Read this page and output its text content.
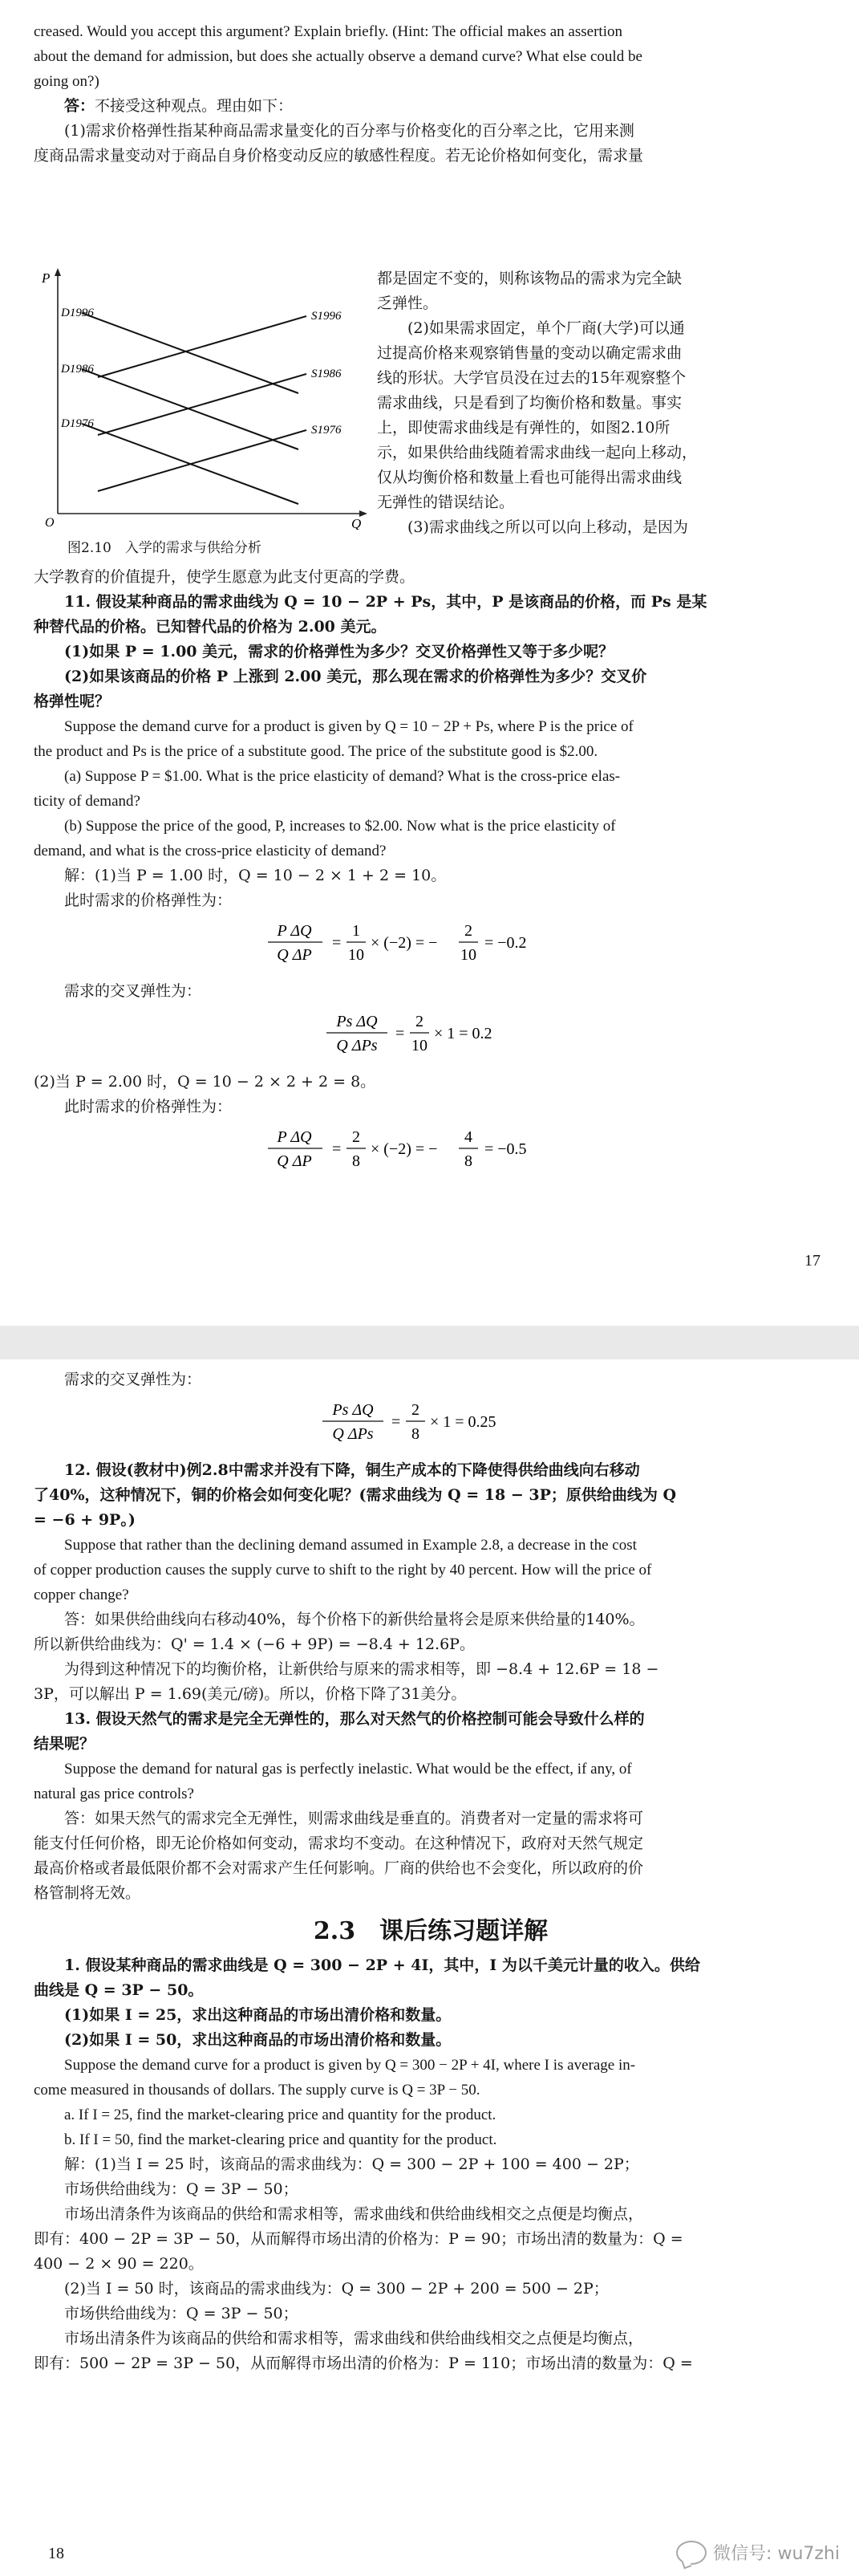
creased. Would you accept this argument? Explain briefly. (Hint: The official makes an assertion

about the demand for admission, but does she actually observe a demand curve? What else could be

going on?)

答：不接受这种观点。理由如下：

(1)需求价格弹性指某种商品需求量变化的百分率与价格变化的百分率之比，它用来测

度商品需求量变动对于商品自身价格变动反应的敏感性程度。若无论价格如何变化，需求量

P
Q
O
D1996
D1986
D1976
S1996
S1986
S1976
图2.10　入学的需求与供给分析

都是固定不变的，则称该物品的需求为完全缺

乏弹性。

(2)如果需求固定，单个厂商(大学)可以通

过提高价格来观察销售量的变动以确定需求曲

线的形状。大学官员没在过去的15年观察整个

需求曲线，只是看到了均衡价格和数量。事实

上，即使需求曲线是有弹性的，如图2.10所

示，如果供给曲线随着需求曲线一起向上移动，

仅从均衡价格和数量上看也可能得出需求曲线

无弹性的错误结论。

(3)需求曲线之所以可以向上移动，是因为

大学教育的价值提升，使学生愿意为此支付更高的学费。

11. 假设某种商品的需求曲线为 Q = 10 − 2P + Ps，其中，P 是该商品的价格，而 Ps 是某

种替代品的价格。已知替代品的价格为 2.00 美元。

(1)如果 P = 1.00 美元，需求的价格弹性为多少？交叉价格弹性又等于多少呢？

(2)如果该商品的价格 P 上涨到 2.00 美元，那么现在需求的价格弹性为多少？交叉价

格弹性呢？

Suppose the demand curve for a product is given by Q = 10 − 2P + Ps, where P is the price of

the product and Ps is the price of a substitute good. The price of the substitute good is $2.00.

(a) Suppose P = $1.00. What is the price elasticity of demand? What is the cross-price elas-

ticity of demand?

(b) Suppose the price of the good, P, increases to $2.00. Now what is the price elasticity of

demand, and what is the cross-price elasticity of demand?

解：(1)当 P = 1.00 时，Q = 10 − 2 × 1 + 2 = 10。

此时需求的价格弹性为：

P ΔQ
Q ΔP
=
1
10
× (−2) = −
2
10
= −0.2

需求的交叉弹性为：

Ps ΔQ
Q ΔPs
=
2
10
× 1 = 0.2

(2)当 P = 2.00 时，Q = 10 − 2 × 2 + 2 = 8。

此时需求的价格弹性为：

P ΔQ
Q ΔP
=
2
8
× (−2) = −
4
8
= −0.5
17

需求的交叉弹性为：

Ps ΔQ
Q ΔPs
=
2
8
× 1 = 0.25

12. 假设(教材中)例2.8中需求并没有下降，铜生产成本的下降使得供给曲线向右移动

了40%，这种情况下，铜的价格会如何变化呢？(需求曲线为 Q = 18 − 3P；原供给曲线为 Q

= −6 + 9P。)

Suppose that rather than the declining demand assumed in Example 2.8, a decrease in the cost

of copper production causes the supply curve to shift to the right by 40 percent. How will the price of

copper change?

答：如果供给曲线向右移动40%，每个价格下的新供给量将会是原来供给量的140%。

所以新供给曲线为：Q' = 1.4 × (−6 + 9P) = −8.4 + 12.6P。

为得到这种情况下的均衡价格，让新供给与原来的需求相等，即 −8.4 + 12.6P = 18 −

3P，可以解出 P = 1.69(美元/磅)。所以，价格下降了31美分。

13. 假设天然气的需求是完全无弹性的，那么对天然气的价格控制可能会导致什么样的

结果呢？

Suppose the demand for natural gas is perfectly inelastic. What would be the effect, if any, of

natural gas price controls?

答：如果天然气的需求完全无弹性，则需求曲线是垂直的。消费者对一定量的需求将可

能支付任何价格，即无论价格如何变动，需求均不变动。在这种情况下，政府对天然气规定

最高价格或者最低限价都不会对需求产生任何影响。厂商的供给也不会变化，所以政府的价

格管制将无效。

2.3　课后练习题详解

1. 假设某种商品的需求曲线是 Q = 300 − 2P + 4I，其中，I 为以千美元计量的收入。供给

曲线是 Q = 3P − 50。

(1)如果 I = 25，求出这种商品的市场出清价格和数量。

(2)如果 I = 50，求出这种商品的市场出清价格和数量。

Suppose the demand curve for a product is given by Q = 300 − 2P + 4I, where I is average in-

come measured in thousands of dollars. The supply curve is Q = 3P − 50.

a. If I = 25, find the market-clearing price and quantity for the product.

b. If I = 50, find the market-clearing price and quantity for the product.

解：(1)当 I = 25 时，该商品的需求曲线为：Q = 300 − 2P + 100 = 400 − 2P；

市场供给曲线为：Q = 3P − 50；

市场出清条件为该商品的供给和需求相等，需求曲线和供给曲线相交之点便是均衡点，

即有：400 − 2P = 3P − 50，从而解得市场出清的价格为：P = 90；市场出清的数量为：Q =

400 − 2 × 90 = 220。

(2)当 I = 50 时，该商品的需求曲线为：Q = 300 − 2P + 200 = 500 − 2P；

市场供给曲线为：Q = 3P − 50；

市场出清条件为该商品的供给和需求相等，需求曲线和供给曲线相交之点便是均衡点，

即有：500 − 2P = 3P − 50，从而解得市场出清的价格为：P = 110；市场出清的数量为：Q =

18	微信号: wu7zhi
